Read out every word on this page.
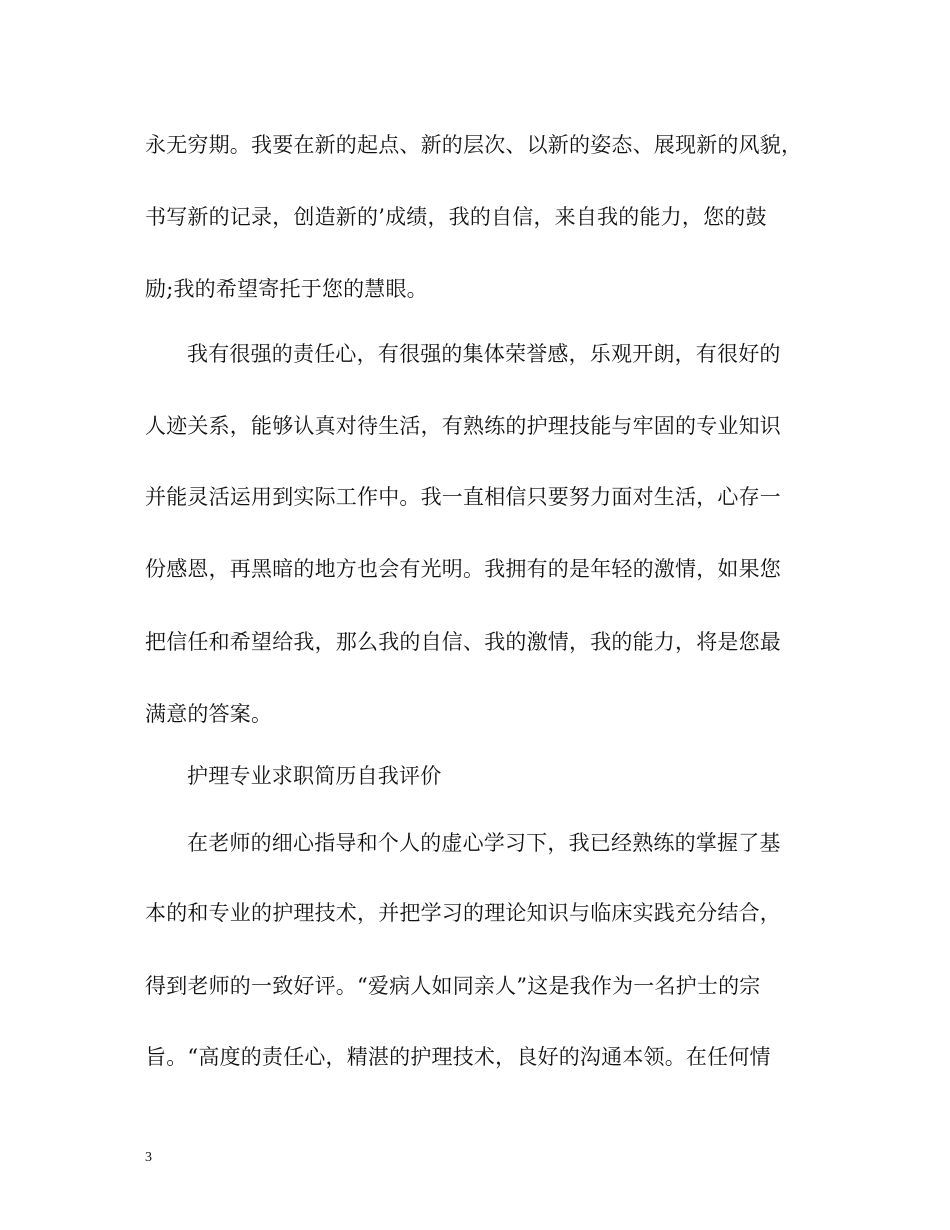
永无穷期。我要在新的起点、新的层次、以新的姿态、展现新的风貌，
书写新的记录，创造新的’成绩，我的自信，来自我的能力，您的鼓
励;我的希望寄托于您的慧眼。
我有很强的责任心，有很强的集体荣誉感，乐观开朗，有很好的
人迹关系，能够认真对待生活，有熟练的护理技能与牢固的专业知识
并能灵活运用到实际工作中。我一直相信只要努力面对生活，心存一
份感恩，再黑暗的地方也会有光明。我拥有的是年轻的激情，如果您
把信任和希望给我，那么我的自信、我的激情，我的能力，将是您最
满意的答案。
护理专业求职简历自我评价
在老师的细心指导和个人的虚心学习下，我已经熟练的掌握了基
本的和专业的护理技术，并把学习的理论知识与临床实践充分结合，
得到老师的一致好评。“爱病人如同亲人”这是我作为一名护士的宗
旨。“高度的责任心，精湛的护理技术，良好的沟通本领。在任何情
3
